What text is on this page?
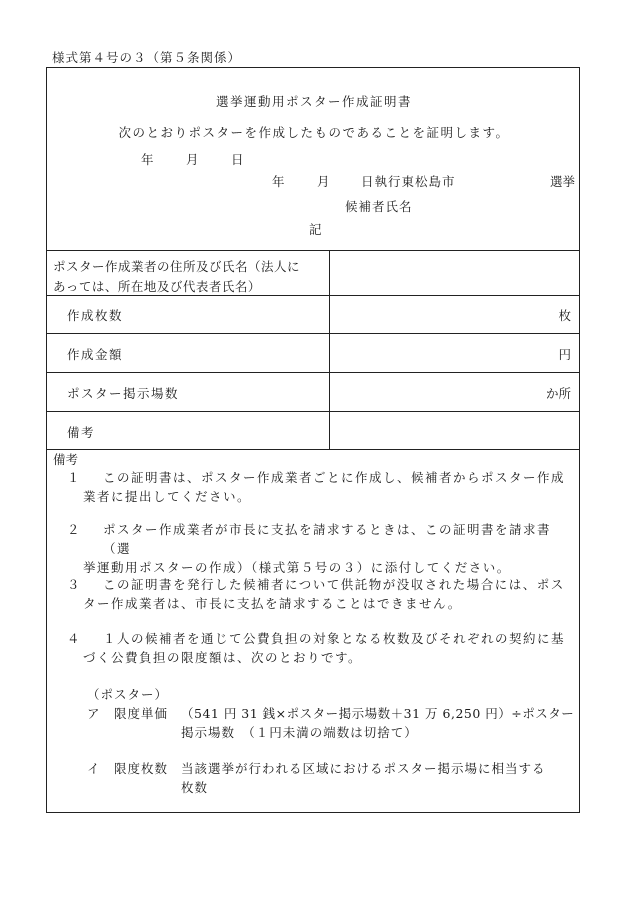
様式第４号の３（第５条関係）
選挙運動用ポスター作成証明書
次のとおりポスターを作成したものであることを証明します。
年	月	日
年	月	日執行東松島市	選挙
候補者氏名
記
ポスター作成業者の住所及び氏名（法人に
あっては、所在地及び代表者氏名）
作成枚数	枚
作成金額	円
ポスター掲示場数	か所
備考
備考
１	この証明書は、ポスター作成業者ごとに作成し、候補者からポスター作成
業者に提出してください。
２	ポスター作成業者が市長に支払を請求するときは、この証明書を請求書（選
挙運動用ポスターの作成）（様式第５号の３）に添付してください。
３	この証明書を発行した候補者について供託物が没収された場合には、ポス
ター作成業者は、市長に支払を請求することはできません。
４	１人の候補者を通じて公費負担の対象となる枚数及びそれぞれの契約に基
づく公費負担の限度額は、次のとおりです。
（ポスター）
ア　限度単価 （541 円 31 銭×ポスター掲示場数＋31 万 6,250 円）÷ポスター
掲示場数　（１円未満の端数は切捨て）
イ　限度枚数 当該選挙が行われる区域におけるポスター掲示場に相当する
枚数
